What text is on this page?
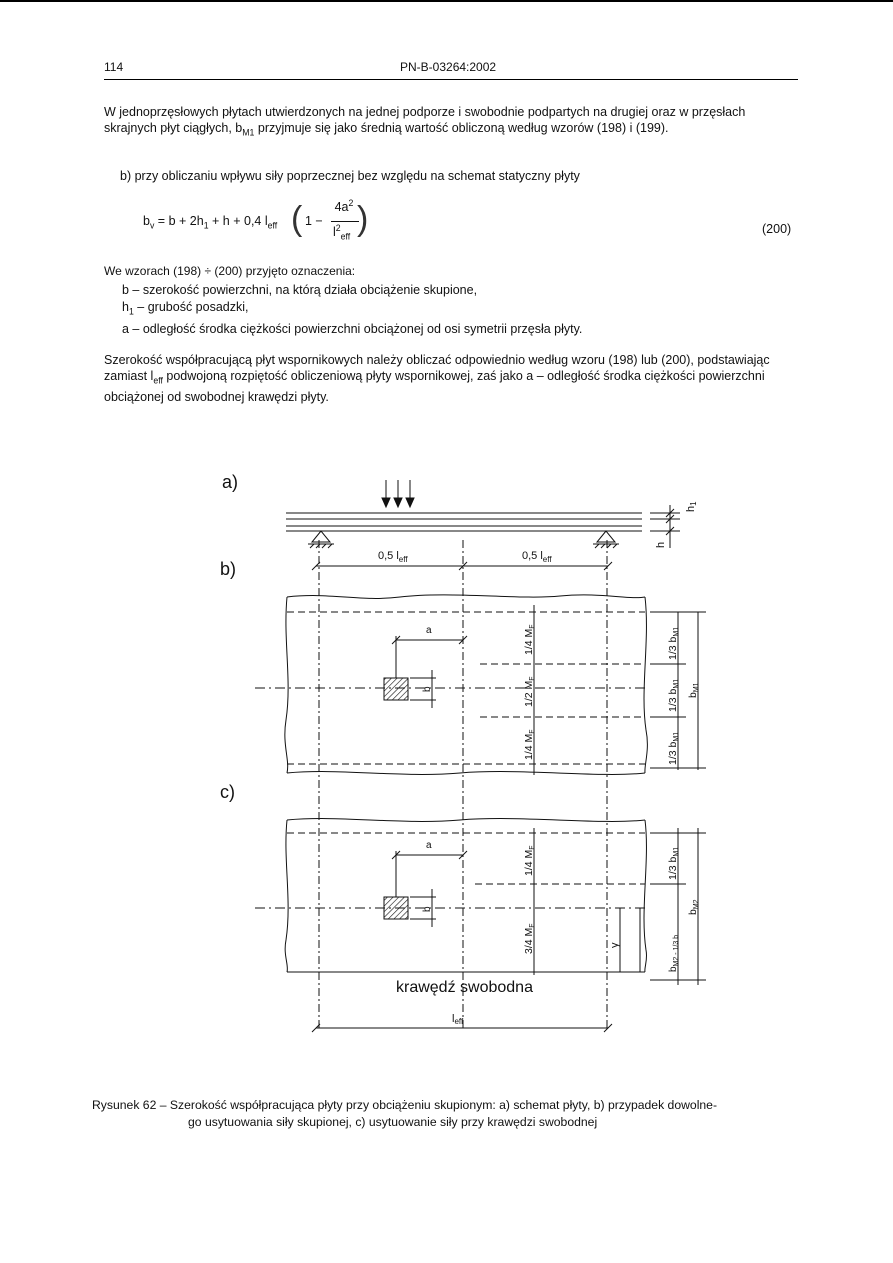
114	PN-B-03264:2002
W jednoprzęsłowych płytach utwierdzonych na jednej podporze i swobodnie podpartych na drugiej oraz w przęsłach skrajnych płyt ciągłych, $b_{M1}$ przyjmuje się jako średnią wartość obliczoną według wzorów (198) i (199).
b) przy obliczaniu wpływu siły poprzecznej bez względu na schemat statyczny płyty
$b_v = b + 2h_1 + h + 0,4$ $l_{eff}$ ( 1 −
$4a^2$
$l^2_{eff}$ )	(200)
We wzorach (198) ÷ (200) przyjęto oznaczenia:
b – szerokość powierzchni, na którą działa obciążenie skupione,
$h_1$ – grubość posadzki,
a – odległość środka ciężkości powierzchni obciążonej od osi symetrii przęsła płyty.
Szerokość współpracującą płyt wspornikowych należy obliczać odpowiednio według wzoru (198) lub (200), podstawiając zamiast $l_{eff}$ podwojoną rozpiętość obliczeniową płyty wspornikowej, zaś jako a – odległość środka ciężkości powierzchni obciążonej od swobodnej krawędzi płyty.
a)
h1
h
0,5 $l_{eff}$	0,5 $l_{eff}$
b)
a
b
1/4 MF
1/2 MF
1/4 MF
1/3 bM1
1/3 bM1
1/3 bM1
bM1
c)
a
b
1/4 MF
3/4 MF
y
1/3 bM1
$b_{M2 - 1/3 b}$
bM2
krawędź swobodna
leff
Rysunek 62 – Szerokość współpracująca płyty przy obciążeniu skupionym: a) schemat płyty, b) przypadek dowolne-
go usytuowania siły skupionej, c) usytuowanie siły przy krawędzi swobodnej
